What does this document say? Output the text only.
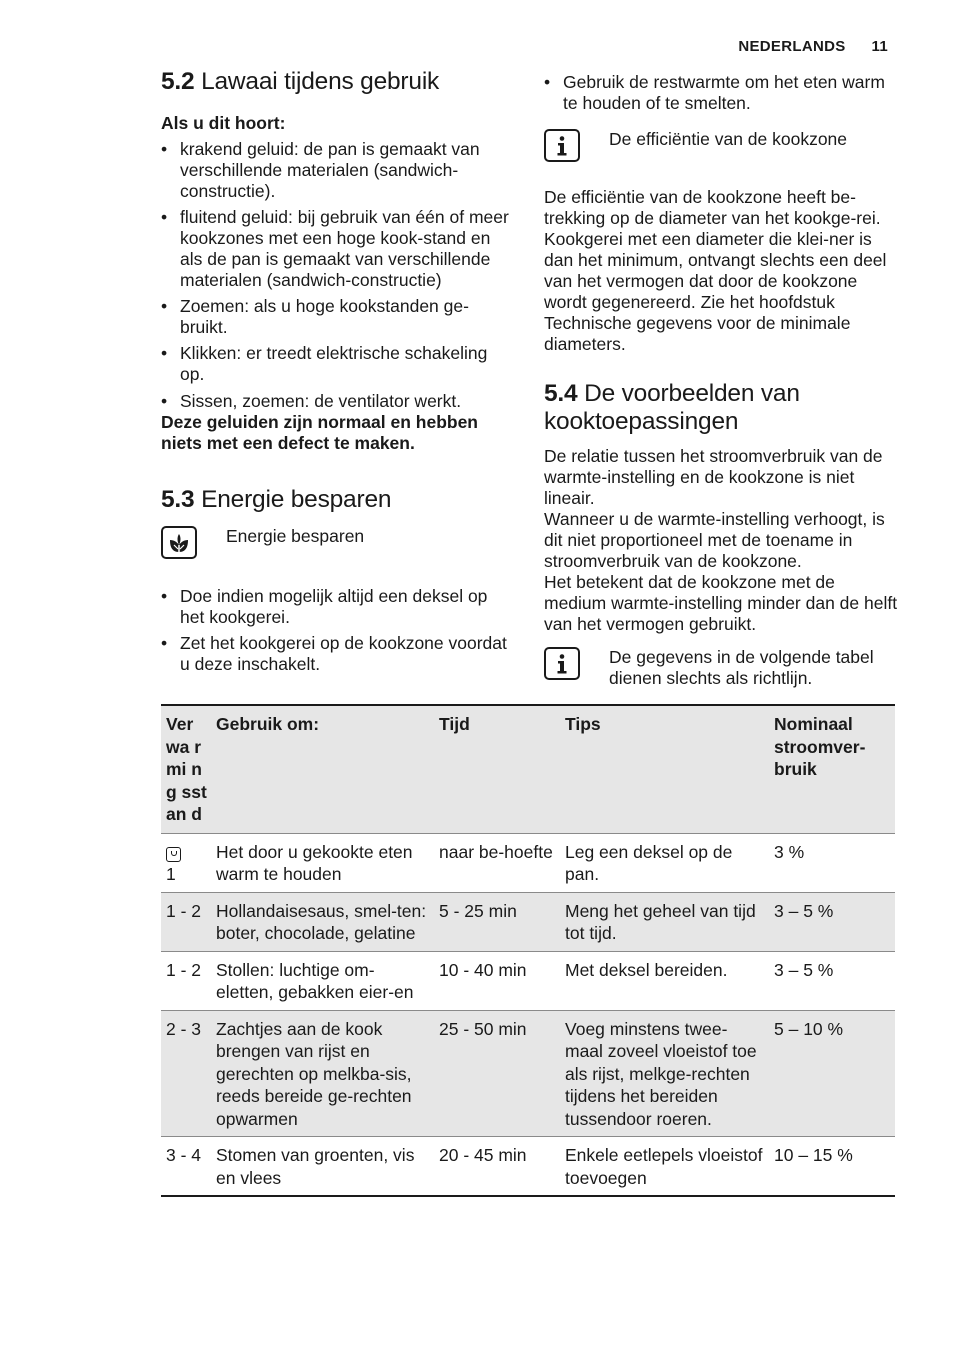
NEDERLANDS 11
5.2 Lawaai tijdens gebruik
Als u dit hoort:
• krakend geluid: de pan is gemaakt van verschillende materialen (sandwich-constructie).
• fluitend geluid: bij gebruik van één of meer kookzones met een hoge kook-stand en als de pan is gemaakt van verschillende materialen (sandwich-constructie)
• Zoemen: als u hoge kookstanden ge-bruikt.
• Klikken: er treedt elektrische schakeling op.
• Sissen, zoemen: de ventilator werkt.

Deze geluiden zijn normaal en hebben niets met een defect te maken.

5.3 Energie besparen
Energie besparen
• Doe indien mogelijk altijd een deksel op het kookgerei.
• Zet het kookgerei op de kookzone voordat u deze inschakelt.
• Gebruik de restwarmte om het eten warm te houden of te smelten.
De efficiëntie van de kookzone

De efficiëntie van de kookzone heeft be-trekking op de diameter van het kookge-rei. Kookgerei met een diameter die klei-ner is dan het minimum, ontvangt slechts een deel van het vermogen dat door de kookzone wordt gegenereerd. Zie het hoofdstuk Technische gegevens voor de minimale diameters.

5.4 De voorbeelden van
kooktoepassingen

De relatie tussen het stroomverbruik van de warmte-instelling en de kookzone is niet lineair.

Wanneer u de warmte-instelling verhoogt, is dit niet proportioneel met de toename in stroomverbruik van de kookzone.

Het betekent dat de kookzone met de medium warmte-instelling minder dan de helft van het vermogen gebruikt.

De gegevens in de volgende tabel dienen slechts als richtlijn.
Ver wa rmi ng sst an d	Gebruik om:	Tijd	Tips	Nominaal stroomver-bruik

1	Het door u gekookte eten warm te houden	naar be-hoefte	Leg een deksel op de pan.	3 %
1 - 2	Hollandaisesaus, smel-ten: boter, chocolade, gelatine	5 - 25 min	Meng het geheel van tijd tot tijd.	3 – 5 %
1 - 2	Stollen: luchtige om-eletten, gebakken eier-en	10 - 40 min	Met deksel bereiden.	3 – 5 %
2 - 3	Zachtjes aan de kook brengen van rijst en gerechten op melkba-sis, reeds bereide ge-rechten opwarmen	25 - 50 min	Voeg minstens twee-maal zoveel vloeistof toe als rijst, melkge-rechten tijdens het bereiden tussendoor roeren.	5 – 10 %
3 - 4	Stomen van groenten, vis en vlees	20 - 45 min	Enkele eetlepels vloeistof toevoegen	10 – 15 %
